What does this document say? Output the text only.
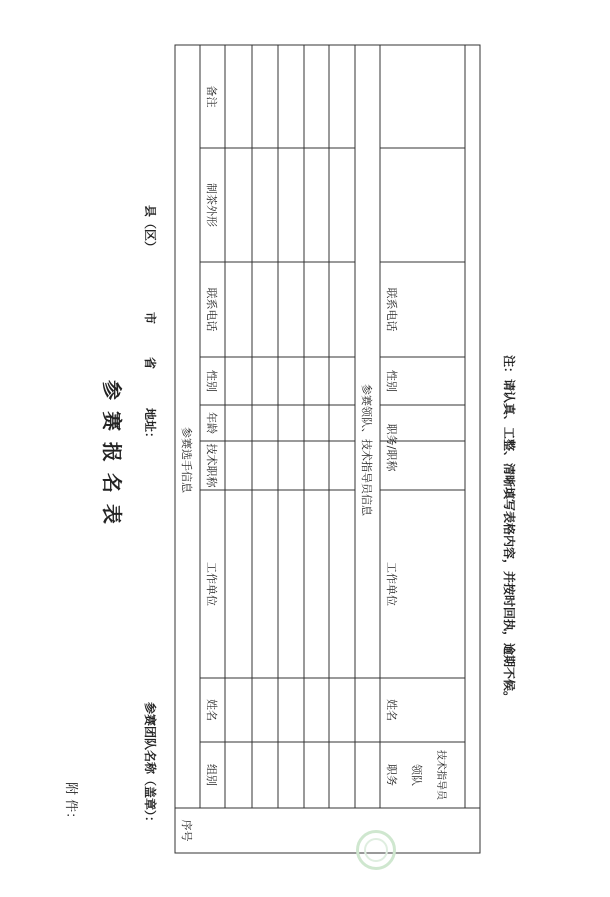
附 件：
参 赛 报 名 表
参赛团队名称（盖章）：
地址：
省
市
县（区）
参赛选手信息	参赛领队、技术指导员信息
序号
组别
姓名
工作单位
技术职称
年龄
性别
联系电话
制茶外形
备注
职务
姓名
工作单位
职务/职称
性别
联系电话
领队	技术指导员
注：请认真、工整、清晰填写表格内容，并按时回执，逾期不候。
